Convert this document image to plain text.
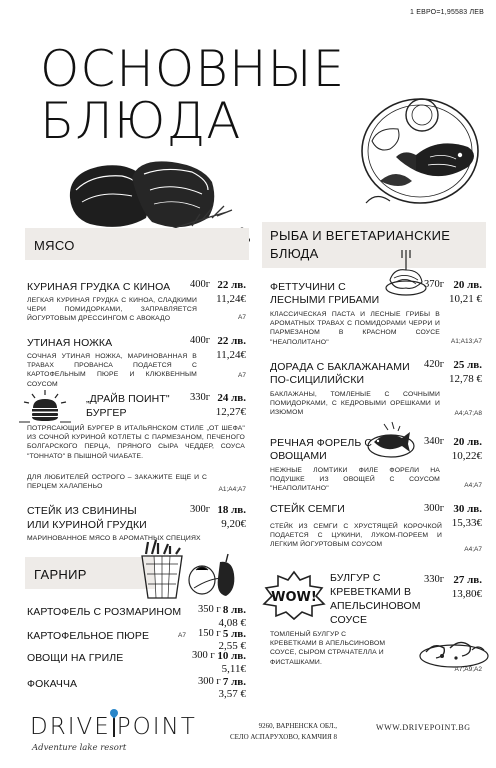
1 ЕВРО=1,95583 ЛЕВ
ОСНОВНЫЕ
БЛЮДА
МЯСО
КУРИНАЯ ГРУДКА С КИНОА 400г 22 лв.
11,24€
ЛЕГКАЯ КУРИНАЯ ГРУДКА С КИНОА, СЛАДКИМИ ЧЕРИ ПОМИДОРКАМИ, ЗАПРАВЛЯЕТСЯ ЙОГУРТОВЫМ ДРЕССИНГОМ С АВОКАДО	A7
УТИНАЯ НОЖКА	400г 22 лв.
11,24€
СОЧНАЯ УТИНАЯ НОЖКА, МАРИНОВАННАЯ В ТРАВАХ ПРОВАНСА ПОДАЕТСЯ С КАРТОФЕЛЬНЫМ ПЮРЕ И КЛЮКВЕННЫМ СОУСОМ
A7
„ДРАЙВ ПОИНТ"
БУРГЕР
330г 24 лв.
12,27€
ПОТРЯСАЮЩИЙ БУРГЕР В ИТАЛЬЯНСКОМ СТИЛЕ „ОТ ШЕФА" ИЗ СОЧНОЙ КУРИНОЙ КОТЛЕТЫ С ПАРМЕЗАНОМ, ПЕЧЕНОГО БОЛГАРСКОГО ПЕРЦА, ПРЯНОГО СЫРА ЧЕДДЕР, СОУСА "ТОННАТО" В ПЫШНОЙ ЧИАБАТЕ.
ДЛЯ ЛЮБИТЕЛЕЙ ОСТРОГО – ЗАКАЖИТЕ ЕЩЕ И С ПЕРЦЕМ ХАЛАПЕНЬО	A1;A4;A7
СТЕЙК ИЗ СВИНИНЫ
ИЛИ КУРИНОЙ ГРУДКИ
300г 18 лв.
9,20€
МАРИНОВАННОЕ МЯСО В АРОМАТНЫХ СПЕЦИЯХ
ГАРНИР
КАРТОФЕЛЬ С РОЗМАРИНОМ 350 г 8 лв.
4,08 €
КАРТОФЕЛЬНОЕ ПЮРЕ	A7 150 г 5 лв.
2,55 €
ОВОЩИ НА ГРИЛЕ	300 г 10 лв.
5,11€
ФОКАЧЧА	300 г 7 лв.
3,57 €
РЫБА И ВЕГЕТАРИАНСКИЕ
БЛЮДА
ФЕТТУЧИНИ С
ЛЕСНЫМИ ГРИБАМИ
370г 20 лв.
10,21 €
КЛАССИЧЕСКАЯ ПАСТА И ЛЕСНЫЕ ГРИБЫ В АРОМАТНЫХ ТРАВАХ С ПОМИДОРАМИ ЧЕРРИ И ПАРМЕЗАНОМ В КРАСНОМ СОУСЕ "НЕАПОЛИТАНО"	A1;A13;A7
ДОРАДА С БАКЛАЖАНАМИ
ПО-СИЦИЛИЙСКИ
420г 25 лв.
12,78 €
БАКЛАЖАНЫ, ТОМЛЕНЫЕ С СОЧНЫМИ ПОМИДОРКАМИ, С КЕДРОВЫМИ ОРЕШКАМИ И ИЗЮМОМ	A4;A7;A8
РЕЧНАЯ ФОРЕЛЬ С
ОВОЩАМИ
340г 20 лв.
10,22€
НЕЖНЫЕ ЛОМТИКИ ФИЛЕ ФОРЕЛИ НА ПОДУШКЕ ИЗ ОВОЩЕЙ С СОУСОМ "НЕАПОЛИТАНО"	A4;A7
СТЕЙК СЕМГИ	300г 30 лв.
15,33€
СТЕЙК ИЗ СЕМГИ С ХРУСТЯЩЕЙ КОРОЧКОЙ ПОДАЕТСЯ С ЦУКИНИ, ЛУКОМ-ПОРЕЕМ И ЛЕГКИМ ЙОГУРТОВЫМ СОУСОМ
A4;A7
WOW!
БУЛГУР С
КРЕВЕТКАМИ В
АПЕЛЬСИНОВОМ
СОУСЕ
330г 27 лв.
13,80€
ТОМЛЕНЫЙ БУЛГУР С КРЕВЕТКАМИ В АПЕЛЬСИНОВОМ СОУСЕ, СЫРОМ СТРАЧАТЕЛЛА И ФИСТАШКАМИ.
A7;A9;A2
DRIVE POINT
Adventure lake resort
9260, ВАРНЕНСКА ОБЛ.,
СЕЛО АСПАРУХОВО, КАМЧИЯ 8
WWW.DRIVEPOINT.BG
